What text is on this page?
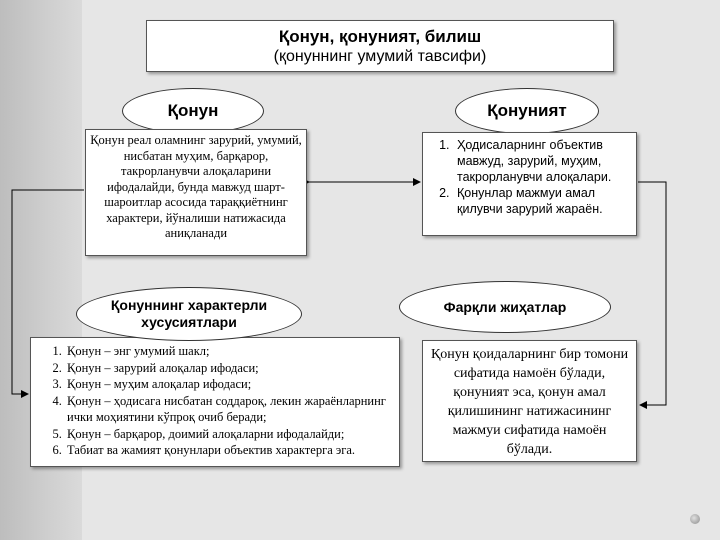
Қонун, қонуният, билиш
(қонуннинг умумий тавсифи)
Қонун	Қонуният
Қонун реал оламнинг зарурий, умумий, нисбатан муҳим, барқарор, такрорланувчи алоқаларини ифодалайди, бунда мавжуд шарт-шароитлар асосида тараққиётнинг характери, йўналиши натижасида аниқланади
1. Ҳодисаларнинг объектив мавжуд, зарурий, муҳим, такрорланувчи алоқалари.
2. Қонунлар мажмуи амал қилувчи зарурий жараён.
1. Қонун – энг умумий шакл;
2. Қонун – зарурий алоқалар ифодаси;
3. Қонун – муҳим алоқалар ифодаси;
4. Қонун – ҳодисага нисбатан соддароқ, лекин жараёнларнинг ички моҳиятини кўпроқ очиб беради;
5. Қонун – барқарор, доимий алоқаларни ифодалайди;
6. Табиат ва жамият қонунлари объектив характерга эга.
Қонуннинг характерли хусусиятлари
Фарқли жиҳатлар
Қонун қоидаларнинг бир томони сифатида намоён бўлади, қонуният эса, қонун амал қилишининг натижасининг мажмуи сифатида намоён бўлади.
